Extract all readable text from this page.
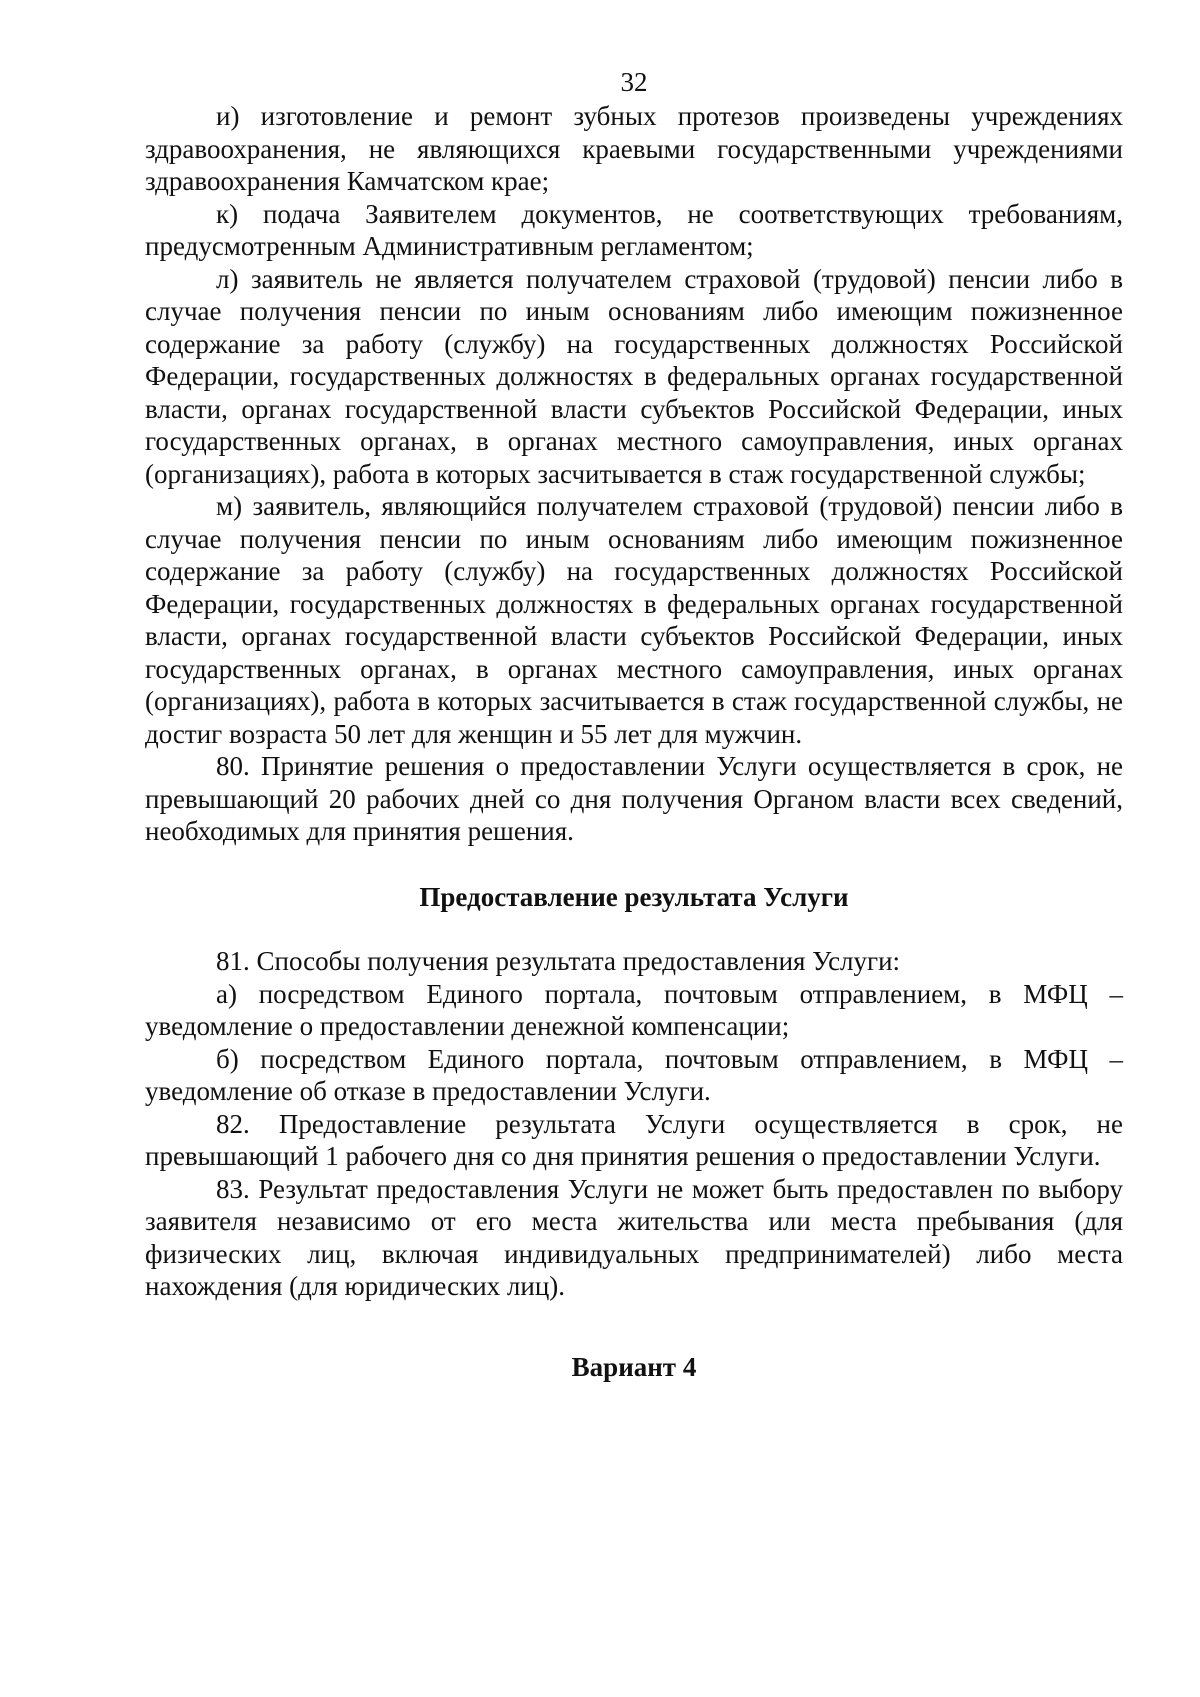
32

и) изготовление и ремонт зубных протезов произведены учреждениях здравоохранения, не являющихся краевыми государственными учреждениями здравоохранения Камчатском крае;

к) подача Заявителем документов, не соответствующих требованиям, предусмотренным Административным регламентом;

л) заявитель не является получателем страховой (трудовой) пенсии либо в случае получения пенсии по иным основаниям либо имеющим пожизненное содержание за работу (службу) на государственных должностях Российской Федерации, государственных должностях в федеральных органах государственной власти, органах государственной власти субъектов Российской Федерации, иных государственных органах, в органах местного самоуправления, иных органах (организациях), работа в которых засчитывается в стаж государственной службы;

м) заявитель, являющийся получателем страховой (трудовой) пенсии либо в случае получения пенсии по иным основаниям либо имеющим пожизненное содержание за работу (службу) на государственных должностях Российской Федерации, государственных должностях в федеральных органах государственной власти, органах государственной власти субъектов Российской Федерации, иных государственных органах, в органах местного самоуправления, иных органах (организациях), работа в которых засчитывается в стаж государственной службы, не достиг возраста 50 лет для женщин и 55 лет для мужчин.

80. Принятие решения о предоставлении Услуги осуществляется в срок, не превышающий 20 рабочих дней со дня получения Органом власти всех сведений, необходимых для принятия решения.

Предоставление результата Услуги

81. Способы получения результата предоставления Услуги:

а) посредством Единого портала, почтовым отправлением, в МФЦ – уведомление о предоставлении денежной компенсации;

б) посредством Единого портала, почтовым отправлением, в МФЦ – уведомление об отказе в предоставлении Услуги.

82. Предоставление результата Услуги осуществляется в срок, не превышающий 1 рабочего дня со дня принятия решения о предоставлении Услуги.

83. Результат предоставления Услуги не может быть предоставлен по выбору заявителя независимо от его места жительства или места пребывания (для физических лиц, включая индивидуальных предпринимателей) либо места нахождения (для юридических лиц).

Вариант 4
